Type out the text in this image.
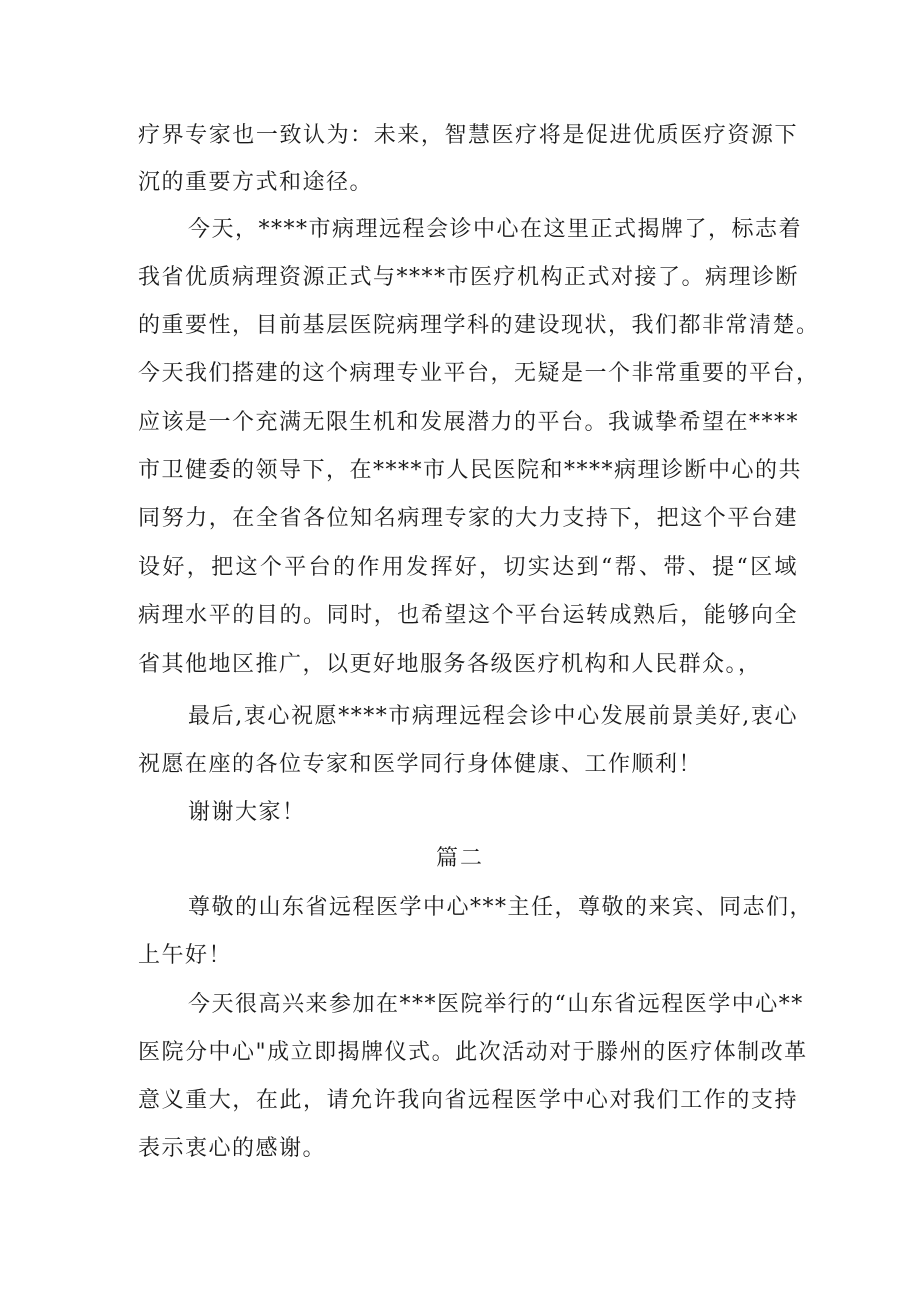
疗界专家也一致认为：未来，智慧医疗将是促进优质医疗资源下
沉的重要方式和途径。
今天，****市病理远程会诊中心在这里正式揭牌了，标志着
我省优质病理资源正式与****市医疗机构正式对接了。病理诊断
的重要性，目前基层医院病理学科的建设现状，我们都非常清楚。
今天我们搭建的这个病理专业平台，无疑是一个非常重要的平台，
应该是一个充满无限生机和发展潜力的平台。我诚挚希望在****
市卫健委的领导下，在****市人民医院和****病理诊断中心的共
同努力，在全省各位知名病理专家的大力支持下，把这个平台建
设好，把这个平台的作用发挥好，切实达到“帮、带、提“区域
病理水平的目的。同时，也希望这个平台运转成熟后，能够向全
省其他地区推广，以更好地服务各级医疗机构和人民群众。，
最后,衷心祝愿****市病理远程会诊中心发展前景美好,衷心
祝愿在座的各位专家和医学同行身体健康、工作顺利！
谢谢大家！
篇二
尊敬的山东省远程医学中心***主任，尊敬的来宾、同志们，
上午好！
今天很高兴来参加在***医院举行的“山东省远程医学中心**
医院分中心"成立即揭牌仪式。此次活动对于滕州的医疗体制改革
意义重大，在此，请允许我向省远程医学中心对我们工作的支持
表示衷心的感谢。
